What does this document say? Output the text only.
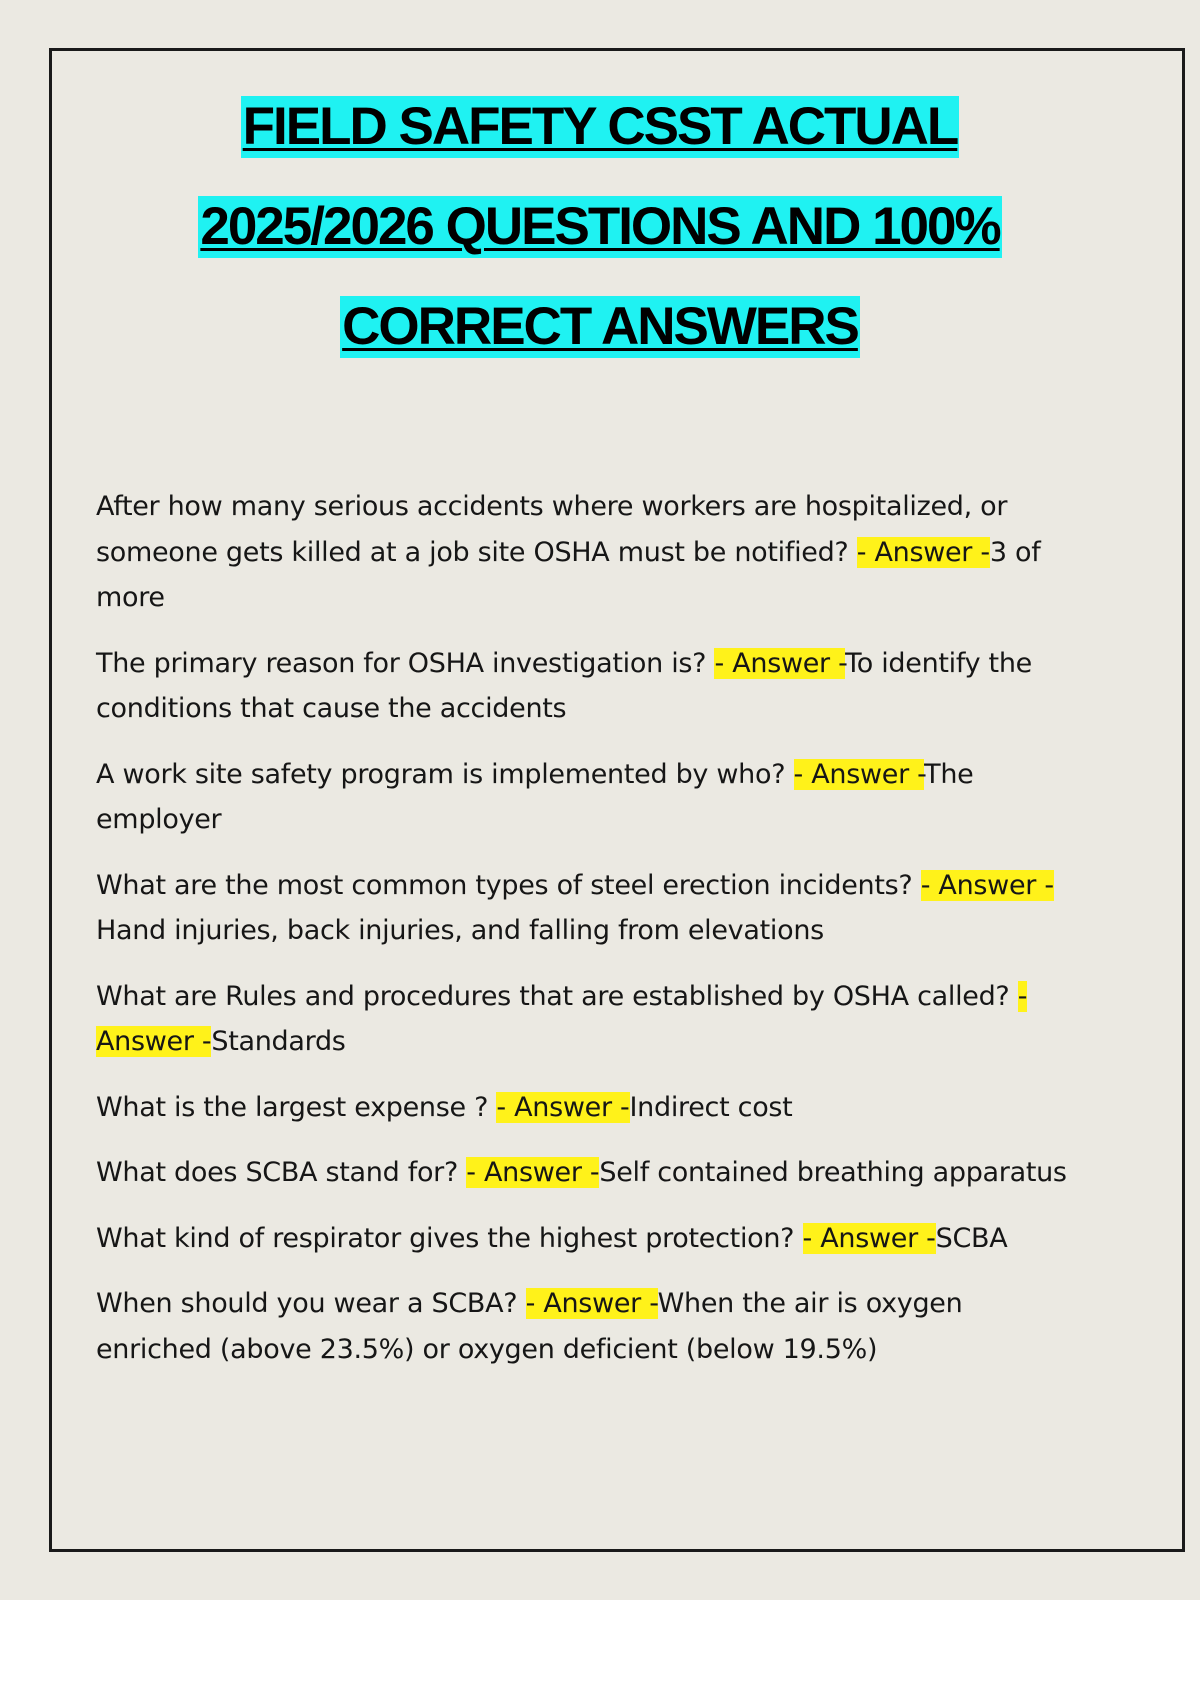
FIELD SAFETY CSST ACTUAL
2025/2026 QUESTIONS AND 100%
CORRECT ANSWERS

After how many serious accidents where workers are hospitalized, or someone gets killed at a job site OSHA must be notified? - Answer -3 of more

The primary reason for OSHA investigation is? - Answer -To identify the conditions that cause the accidents

A work site safety program is implemented by who? - Answer -The employer

What are the most common types of steel erection incidents? - Answer -Hand injuries, back injuries, and falling from elevations

What are Rules and procedures that are established by OSHA called? - Answer -Standards

What is the largest expense ? - Answer -Indirect cost

What does SCBA stand for? - Answer -Self contained breathing apparatus

What kind of respirator gives the highest protection? - Answer -SCBA

When should you wear a SCBA? - Answer -When the air is oxygen enriched (above 23.5%) or oxygen deficient (below 19.5%)
